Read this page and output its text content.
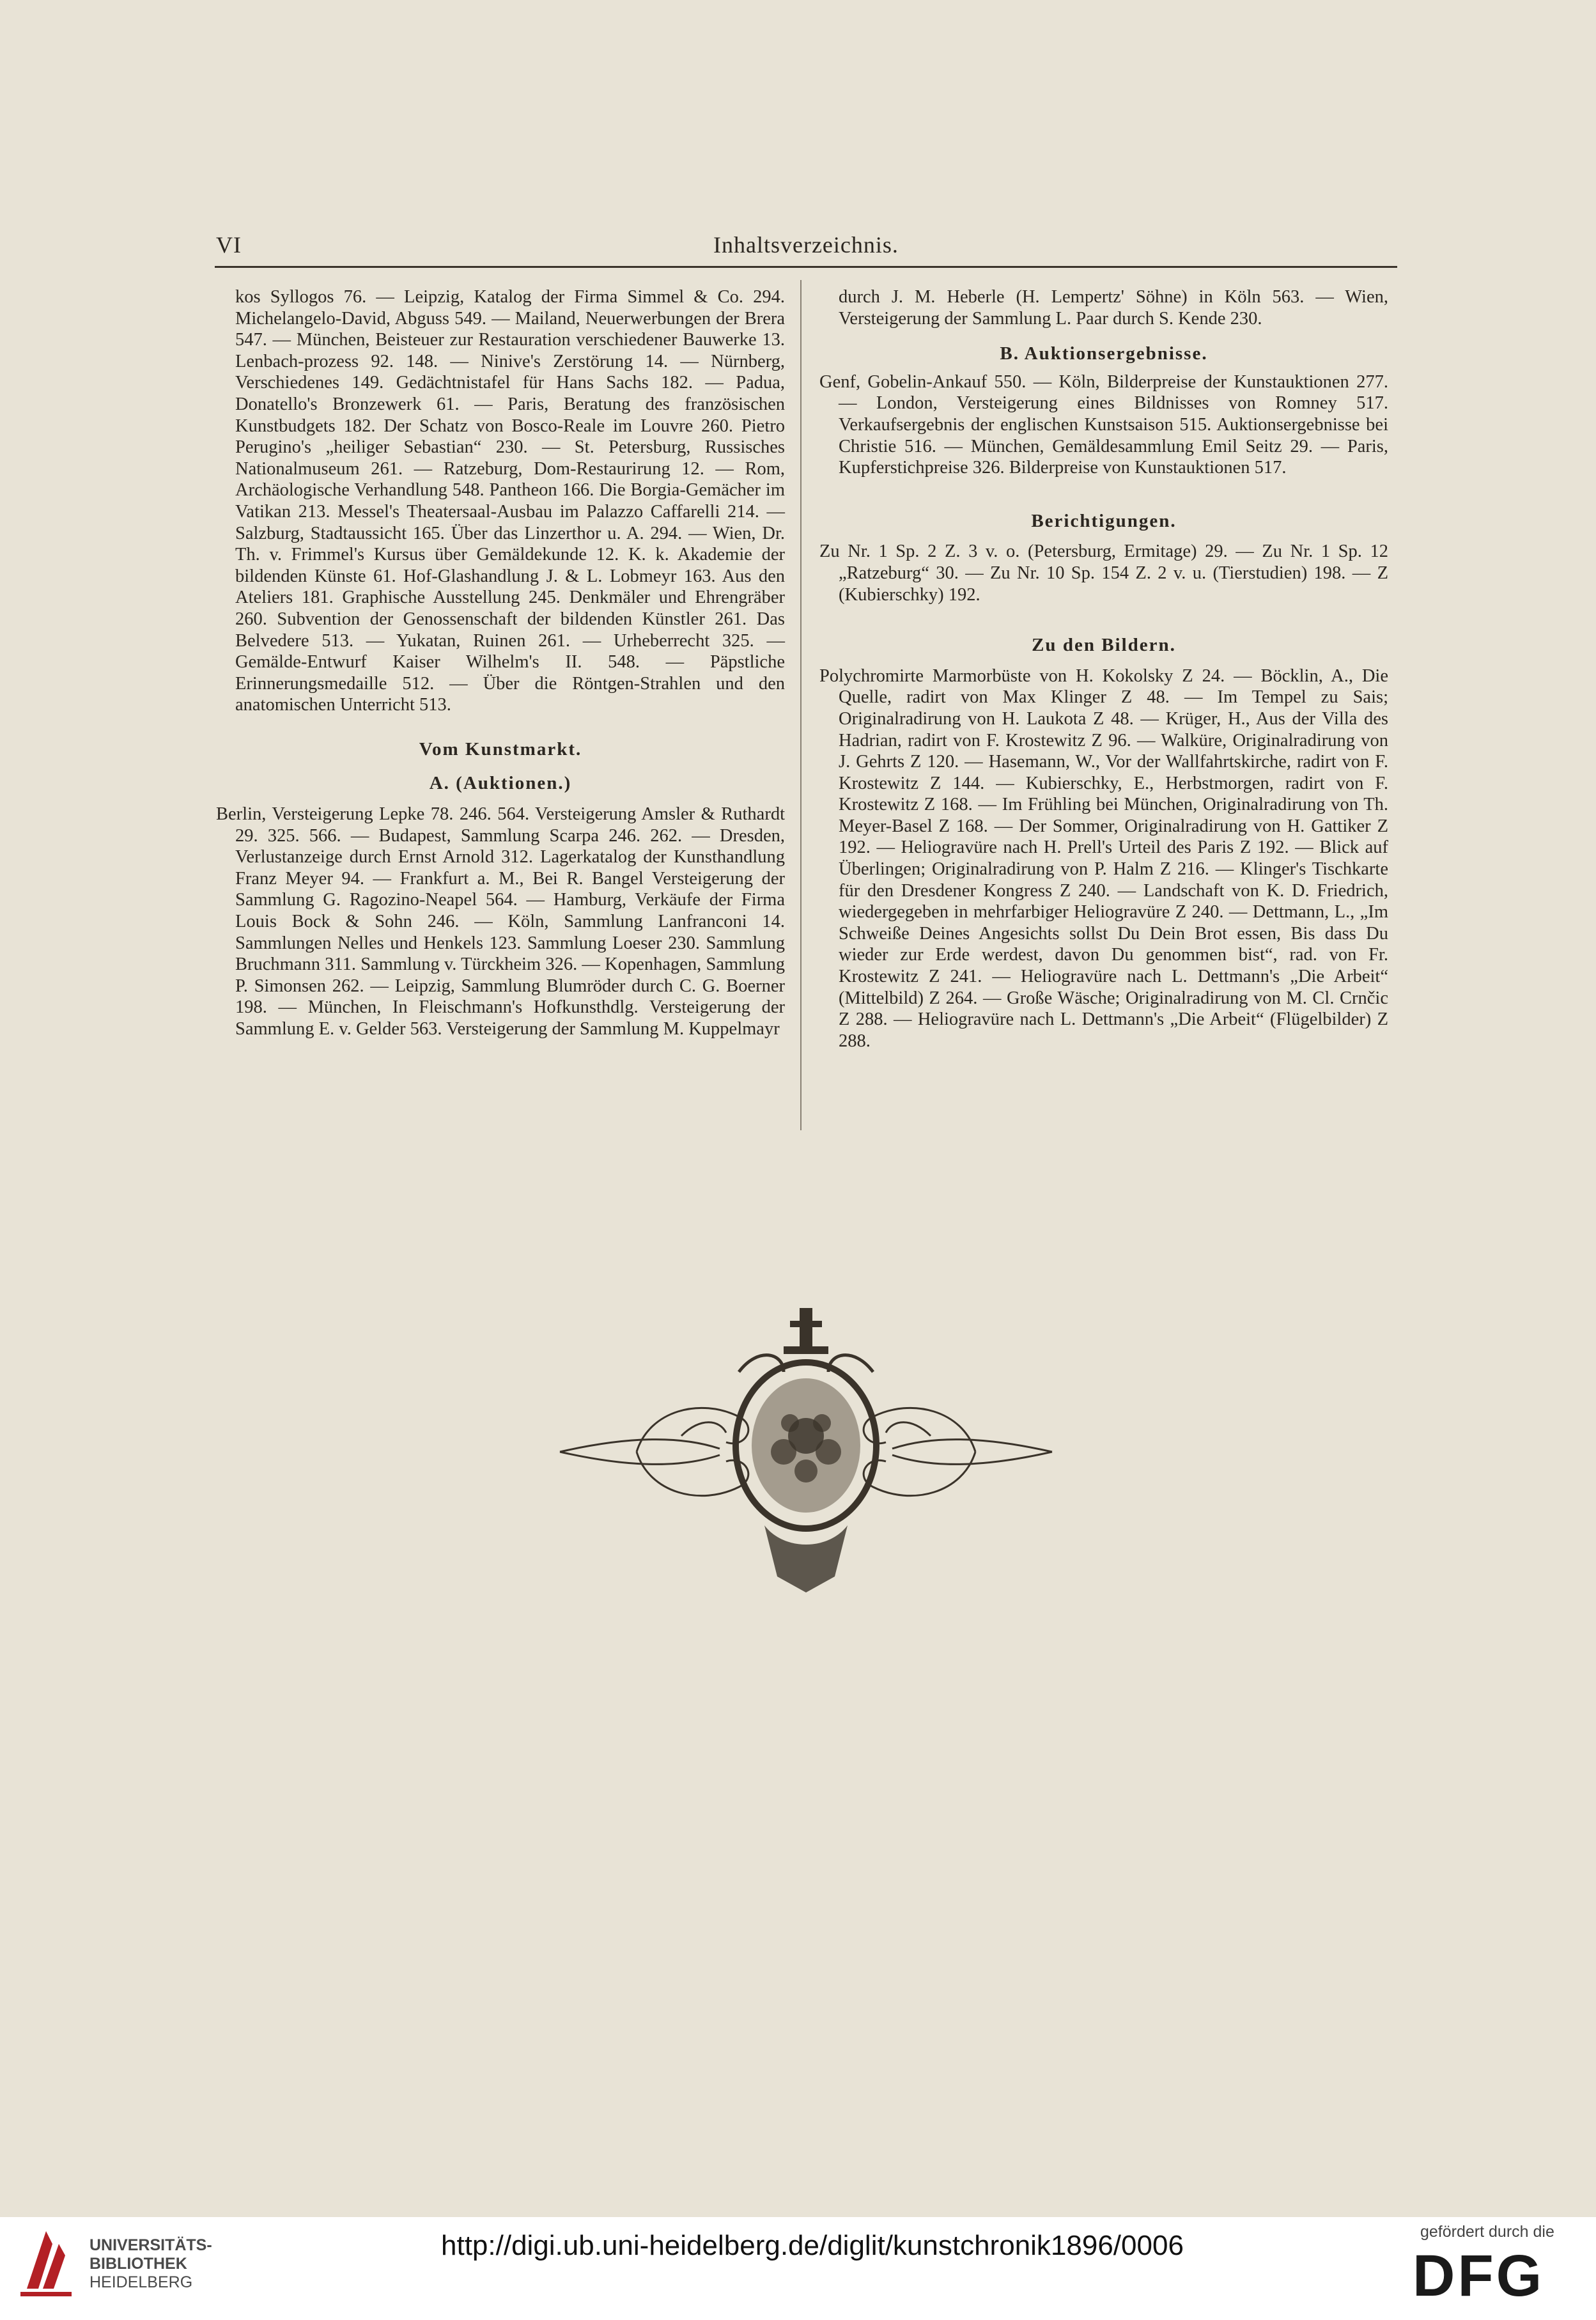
VI	Inhaltsverzeichnis.

kos Syllogos 76. — Leipzig, Katalog der Firma Simmel & Co. 294. Michelangelo-David, Abguss 549. — Mailand, Neuerwerbungen der Brera 547. — München, Beisteuer zur Restauration verschiedener Bauwerke 13. Lenbach-prozess 92. 148. — Ninive's Zerstörung 14. — Nürnberg, Verschiedenes 149. Gedächtnistafel für Hans Sachs 182. — Padua, Donatello's Bronzewerk 61. — Paris, Beratung des französischen Kunstbudgets 182. Der Schatz von Bosco-Reale im Louvre 260. Pietro Perugino's „heiliger Sebastian“ 230. — St. Petersburg, Russisches Nationalmuseum 261. — Ratzeburg, Dom-Restaurirung 12. — Rom, Archäologische Verhandlung 548. Pantheon 166. Die Borgia-Gemächer im Vatikan 213. Messel's Theatersaal-Ausbau im Palazzo Caffarelli 214. — Salzburg, Stadtaussicht 165. Über das Linzerthor u. A. 294. — Wien, Dr. Th. v. Frimmel's Kursus über Gemäldekunde 12. K. k. Akademie der bildenden Künste 61. Hof-Glashandlung J. & L. Lobmeyr 163. Aus den Ateliers 181. Graphische Ausstellung 245. Denkmäler und Ehrengräber 260. Subvention der Genossenschaft der bildenden Künstler 261. Das Belvedere 513. — Yukatan, Ruinen 261. — Urheberrecht 325. — Gemälde-Entwurf Kaiser Wilhelm's II. 548. — Päpstliche Erinnerungsmedaille 512. — Über die Röntgen-Strahlen und den anatomischen Unterricht 513.

Vom Kunstmarkt.

A. (Auktionen.)

Berlin, Versteigerung Lepke 78. 246. 564. Versteigerung Amsler & Ruthardt 29. 325. 566. — Budapest, Sammlung Scarpa 246. 262. — Dresden, Verlustanzeige durch Ernst Arnold 312. Lagerkatalog der Kunsthandlung Franz Meyer 94. — Frankfurt a. M., Bei R. Bangel Versteigerung der Sammlung G. Ragozino-Neapel 564. — Hamburg, Verkäufe der Firma Louis Bock & Sohn 246. — Köln, Sammlung Lanfranconi 14. Sammlungen Nelles und Henkels 123. Sammlung Loeser 230. Sammlung Bruchmann 311. Sammlung v. Türckheim 326. — Kopenhagen, Sammlung P. Simonsen 262. — Leipzig, Sammlung Blumröder durch C. G. Boerner 198. — München, In Fleischmann's Hofkunsthdlg. Versteigerung der Sammlung E. v. Gelder 563. Versteigerung der Sammlung M. Kuppelmayr

durch J. M. Heberle (H. Lempertz' Söhne) in Köln 563. — Wien, Versteigerung der Sammlung L. Paar durch S. Kende 230.

B. Auktionsergebnisse.

Genf, Gobelin-Ankauf 550. — Köln, Bilderpreise der Kunstauktionen 277. — London, Versteigerung eines Bildnisses von Romney 517. Verkaufsergebnis der englischen Kunstsaison 515. Auktionsergebnisse bei Christie 516. — München, Gemäldesammlung Emil Seitz 29. — Paris, Kupferstichpreise 326. Bilderpreise von Kunstauktionen 517.

Berichtigungen.

Zu Nr. 1 Sp. 2 Z. 3 v. o. (Petersburg, Ermitage) 29. — Zu Nr. 1 Sp. 12 „Ratzeburg“ 30. — Zu Nr. 10 Sp. 154 Z. 2 v. u. (Tierstudien) 198. — Z (Kubierschky) 192.

Zu den Bildern.

Polychromirte Marmorbüste von H. Kokolsky Z 24. — Böcklin, A., Die Quelle, radirt von Max Klinger Z 48. — Im Tempel zu Sais; Originalradirung von H. Laukota Z 48. — Krüger, H., Aus der Villa des Hadrian, radirt von F. Krostewitz Z 96. — Walküre, Originalradirung von J. Gehrts Z 120. — Hasemann, W., Vor der Wallfahrtskirche, radirt von F. Krostewitz Z 144. — Kubierschky, E., Herbstmorgen, radirt von F. Krostewitz Z 168. — Im Frühling bei München, Originalradirung von Th. Meyer-Basel Z 168. — Der Sommer, Originalradirung von H. Gattiker Z 192. — Heliogravüre nach H. Prell's Urteil des Paris Z 192. — Blick auf Überlingen; Originalradirung von P. Halm Z 216. — Klinger's Tischkarte für den Dresdener Kongress Z 240. — Landschaft von K. D. Friedrich, wiedergegeben in mehrfarbiger Heliogravüre Z 240. — Dettmann, L., „Im Schweiße Deines Angesichts sollst Du Dein Brot essen, Bis dass Du wieder zur Erde werdest, davon Du genommen bist“, rad. von Fr. Krostewitz Z 241. — Heliogravüre nach L. Dettmann's „Die Arbeit“ (Mittelbild) Z 264. — Große Wäsche; Originalradirung von M. Cl. Crnčic Z 288. — Heliogravüre nach L. Dettmann's „Die Arbeit“ (Flügelbilder) Z 288.

UNIVERSITÄTS-
BIBLIOTHEK
HEIDELBERG
http://digi.ub.uni-heidelberg.de/diglit/kunstchronik1896/0006	gefördert durch die
DFG
